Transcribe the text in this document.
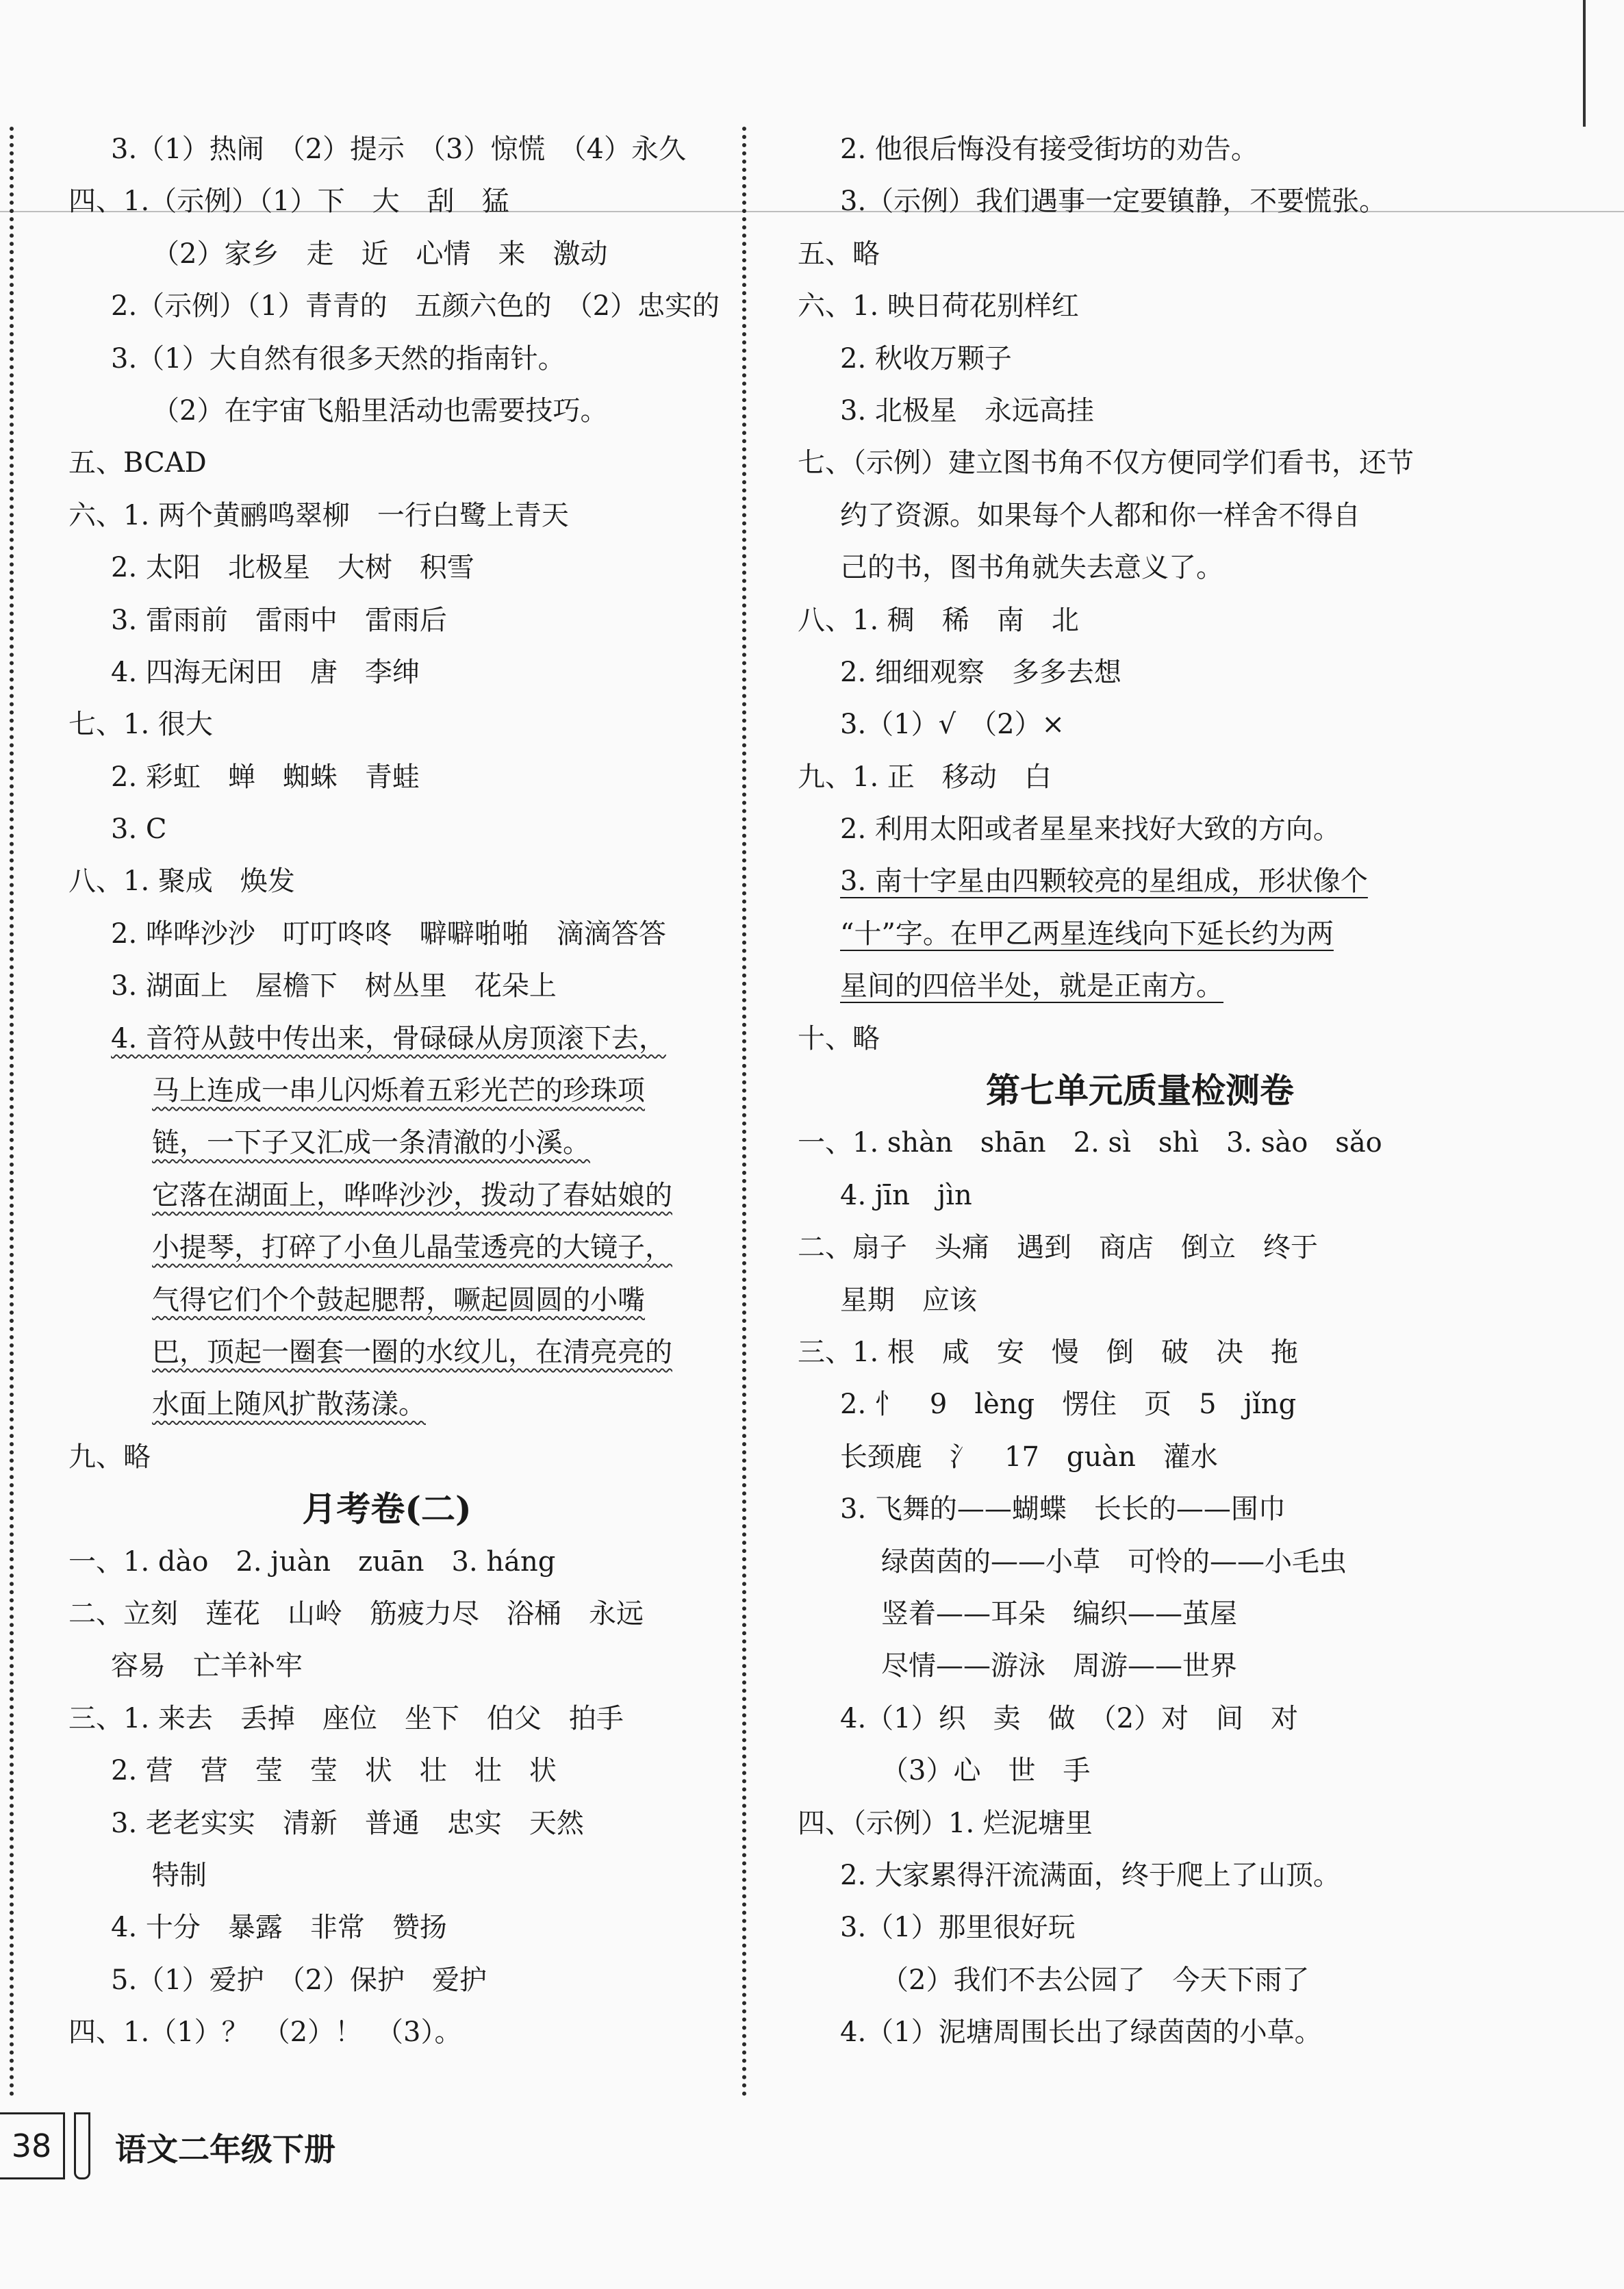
3.（1）热闹　（2）提示　（3）惊慌　（4）永久
四、1.（示例）（1）下　大　刮　猛
（2）家乡　走　近　心情　来　激动
2.（示例）（1）青青的　五颜六色的　（2）忠实的
3.（1）大自然有很多天然的指南针。
（2）在宇宙飞船里活动也需要技巧。
五、BCAD
六、1. 两个黄鹂鸣翠柳　一行白鹭上青天
2. 太阳　北极星　大树　积雪
3. 雷雨前　雷雨中　雷雨后
4. 四海无闲田　唐　李绅
七、1. 很大
2. 彩虹　蝉　蜘蛛　青蛙
3. C
八、1. 聚成　焕发
2. 哗哗沙沙　叮叮咚咚　噼噼啪啪　滴滴答答
3. 湖面上　屋檐下　树丛里　花朵上
4. 音符从鼓中传出来，骨碌碌从房顶滚下去，
马上连成一串儿闪烁着五彩光芒的珍珠项
链，一下子又汇成一条清澈的小溪。
它落在湖面上，哗哗沙沙，拨动了春姑娘的
小提琴，打碎了小鱼儿晶莹透亮的大镜子，
气得它们个个鼓起腮帮，噘起圆圆的小嘴
巴，顶起一圈套一圈的水纹儿，在清亮亮的
水面上随风扩散荡漾。
九、略
月考卷(二)
一、1. dào　2. juàn　zuān　3. háng
二、立刻　莲花　山岭　筋疲力尽　浴桶　永远
容易　亡羊补牢
三、1. 来去　丢掉　座位　坐下　伯父　拍手
2. 营　营　莹　莹　状　壮　壮　状
3. 老老实实　清新　普通　忠实　天然
特制
4. 十分　暴露　非常　赞扬
5.（1）爱护　（2）保护　爱护
四、1.（1）？　（2）！　（3）。
2. 他很后悔没有接受街坊的劝告。
3.（示例）我们遇事一定要镇静，不要慌张。
五、略
六、1. 映日荷花别样红
2. 秋收万颗子
3. 北极星　永远高挂
七、（示例）建立图书角不仅方便同学们看书，还节
约了资源。如果每个人都和你一样舍不得自
己的书，图书角就失去意义了。
八、1. 稠　稀　南　北
2. 细细观察　多多去想
3.（1）√　（2）×
九、1. 正　移动　白
2. 利用太阳或者星星来找好大致的方向。
3. 南十字星由四颗较亮的星组成，形状像个
“十”字。在甲乙两星连线向下延长约为两
星间的四倍半处，就是正南方。
十、略
第七单元质量检测卷
一、1. shàn　shān　2. sì　shì　3. sào　sǎo
4. jīn　jìn
二、扇子　头痛　遇到　商店　倒立　终于
星期　应该
三、1. 根　咸　安　慢　倒　破　决　拖
2. 忄　9　lèng　愣住　页　5　jǐng
长颈鹿　氵　17　guàn　灌水
3. 飞舞的——蝴蝶　长长的——围巾
绿茵茵的——小草　可怜的——小毛虫
竖着——耳朵　编织——茧屋
尽情——游泳　周游——世界
4.（1）织　卖　做　（2）对　间　对
（3）心　世　手
四、（示例）1. 烂泥塘里
2. 大家累得汗流满面，终于爬上了山顶。
3.（1）那里很好玩
（2）我们不去公园了　今天下雨了
4.（1）泥塘周围长出了绿茵茵的小草。
38	语文二年级下册
